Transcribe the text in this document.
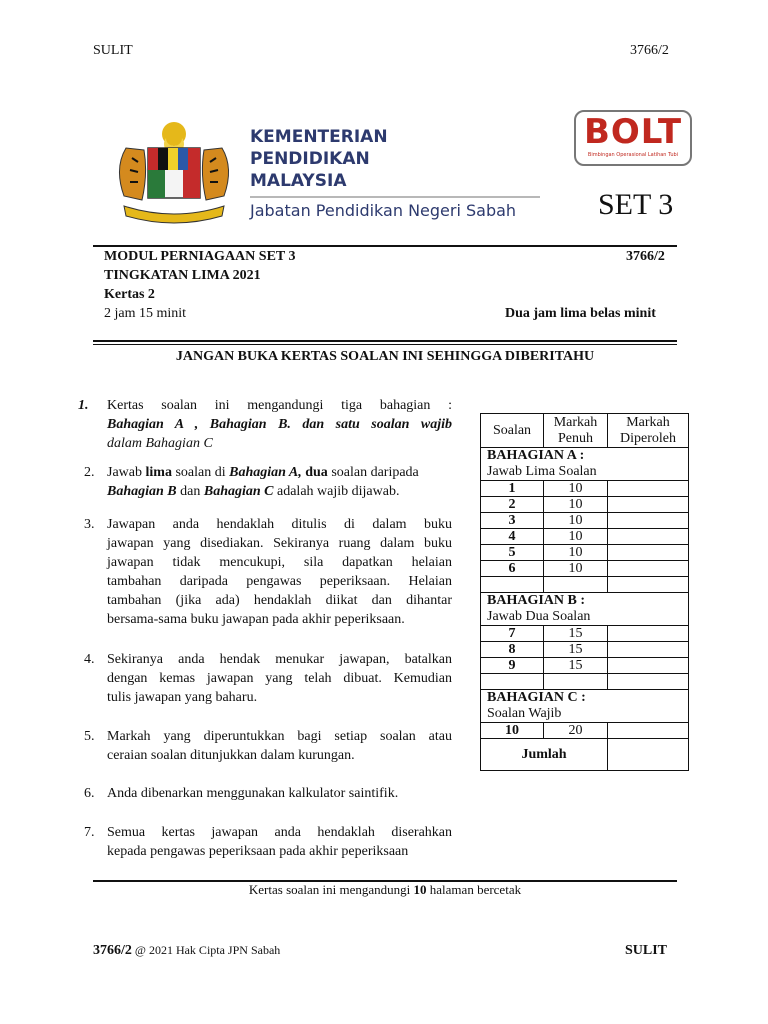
SULIT	3766/2
KEMENTERIAN
PENDIDIKAN
MALAYSIA
Jabatan Pendidikan Negeri Sabah
BOLT
Bimbingan Operasional Latihan Tubi
SET 3
MODUL PERNIAGAAN SET 3	3766/2
TINGKATAN LIMA 2021
Kertas 2
2 jam 15 minit	Dua jam lima belas minit
JANGAN BUKA KERTAS SOALAN INI SEHINGGA DIBERITAHU
1. Kertas soalan ini mengandungi tiga bahagian :
Bahagian A , Bahagian B. dan satu soalan wajib
dalam Bahagian C
2. Jawab lima soalan di Bahagian A, dua soalan daripada
Bahagian B dan Bahagian C adalah wajib dijawab.
3. Jawapan anda hendaklah ditulis di dalam buku
jawapan yang disediakan. Sekiranya ruang dalam buku
jawapan tidak mencukupi, sila dapatkan helaian
tambahan daripada pengawas peperiksaan. Helaian
tambahan (jika ada) hendaklah diikat dan dihantar
bersama-sama buku jawapan pada akhir peperiksaan.
4. Sekiranya anda hendak menukar jawapan, batalkan
dengan kemas jawapan yang telah dibuat. Kemudian
tulis jawapan yang baharu.
5. Markah yang diperuntukkan bagi setiap soalan atau
ceraian soalan ditunjukkan dalam kurungan.
6. Anda dibenarkan menggunakan kalkulator saintifik.
7. Semua kertas jawapan anda hendaklah diserahkan
kepada pengawas peperiksaan pada akhir peperiksaan
Soalan	Markah Penuh	Markah Diperoleh

BAHAGIAN A :
Jawab Lima Soalan		
1	10	
2	10	
3	10	
4	10	
5	10	
6	10	

BAHAGIAN B :
Jawab Dua Soalan		
7	15	
8	15	
9	15	

BAHAGIAN C :
Soalan Wajib		
10	20	
Jumlah		
Kertas soalan ini mengandungi 10 halaman bercetak
3766/2 @ 2021 Hak Cipta JPN Sabah	SULIT
